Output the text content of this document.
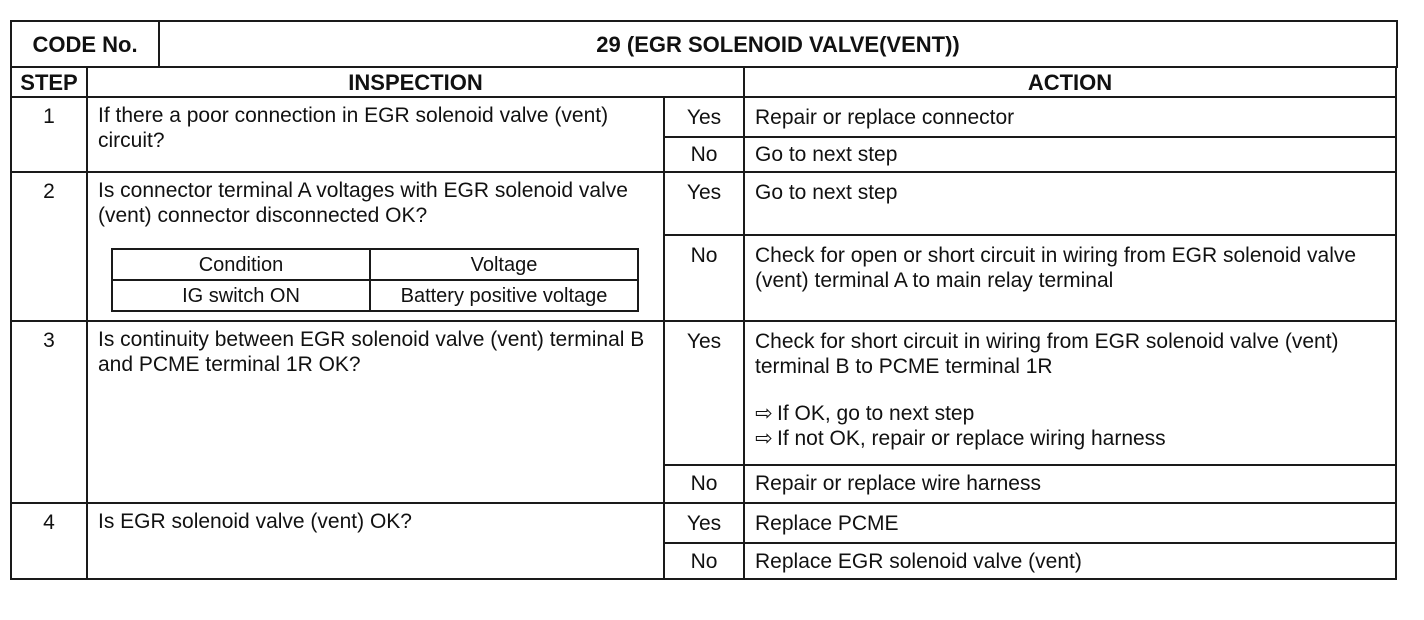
CODE No.	29 (EGR SOLENOID VALVE(VENT))
STEP	INSPECTION	ACTION
1	If there a poor connection in EGR solenoid valve (vent) circuit?	Yes	Repair or replace connector
No	Go to next step
2	Is connector terminal A voltages with EGR solenoid valve (vent) connector disconnected OK?
Condition	Voltage
IG switch ON	Battery positive voltage
	Yes	Go to next step
No	Check for open or short circuit in wiring from EGR solenoid valve (vent) terminal A to main relay terminal
3	Is continuity between EGR solenoid valve (vent) terminal B and PCME terminal 1R OK?	Yes	Check for short circuit in wiring from EGR solenoid valve (vent) terminal B to PCME terminal 1R
⇨ If OK, go to next step
⇨ If not OK, repair or replace wiring harness

No	Repair or replace wire harness
4	Is EGR solenoid valve (vent) OK?	Yes	Replace PCME
No	Replace EGR solenoid valve (vent)
